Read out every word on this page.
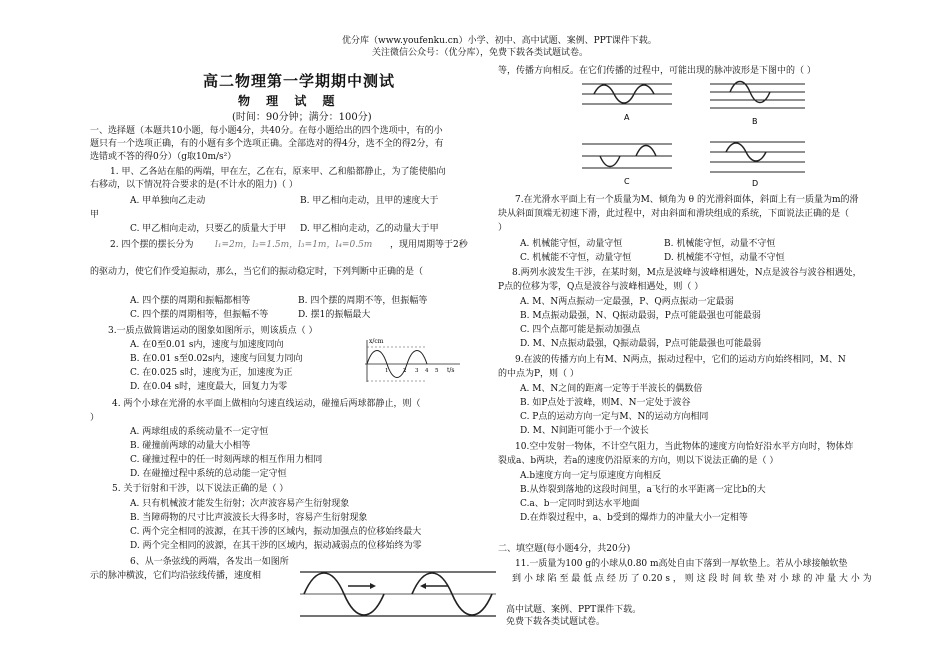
优分库（www.youfenku.cn）小学、初中、高中试题、案例、PPT课件下载。
关注微信公众号：（优分库），免费下载各类试题试卷。
高二物理第一学期期中测试
物 理 试 题
(时间：90分钟；满分：100分)
一、选择题（本题共10小题，每小题4分，共40分。在每小题给出的四个选项中，有的小
题只有一个选项正确，有的小题有多个选项正确。全部选对的得4分，选不全的得2分，有
选错或不答的得0分）（g取10m/s²）
1. 甲、乙各站在船的两端，甲在左，乙在右，原来甲、乙和船都静止，为了能使船向
右移动，以下情况符合要求的是(不计水的阻力)（ ）
A. 甲单独向乙走动	B. 甲乙相向走动，且甲的速度大于
甲
C. 甲乙相向走动，只要乙的质量大于甲 D. 甲乙相向走动，乙的动量大于甲
2. 四个摆的摆长分为 l₁=2m，l₂=1.5m，l₃=1m，l₄=0.5m ，现用周期等于2秒
的驱动力，使它们作受迫振动，那么，当它们的振动稳定时，下列判断中正确的是（
A. 四个摆的周期和振幅都相等	B. 四个摆的周期不等，但振幅等
C. 四个摆的周期相等，但振幅不等	D. 摆1的振幅最大
3.一质点做简谐运动的图象如图所示，则该质点（ ）
A. 在0至0.01 s内，速度与加速度同向
B. 在0.01 s至0.02s内，速度与回复力同向
C. 在0.025 s时，速度为正，加速度为正
D. 在0.04 s时，速度最大，回复力为零
x/cm
t/s
1	2 3 4 5
4. 两个小球在光滑的水平面上做相向匀速直线运动，碰撞后两球都静止，则（
）
A. 两球组成的系统动量不一定守恒
B. 碰撞前两球的动量大小相等
C. 碰撞过程中的任一时刻两球的相互作用力相同
D. 在碰撞过程中系统的总动能一定守恒
5. 关于衍射和干涉，以下说法正确的是（ ）
A. 只有机械波才能发生衍射；次声波容易产生衍射现象
B. 当障碍物的尺寸比声波波长大得多时，容易产生衍射现象
C. 两个完全相同的波源，在其干涉的区域内，振动加强点的位移始终最大
D. 两个完全相同的波源，在其干涉的区域内，振动减弱点的位移始终为零
6、从一条弦线的两端，各发出一如图所
示的脉冲横波，它们均沿弦线传播，速度相
等，传播方向相反。在它们传播的过程中，可能出现的脉冲波形是下图中的（ ）
A	B
C	D
7.在光滑水平面上有一个质量为M、倾角为 θ 的光滑斜面体，斜面上有一质量为m的滑
块从斜面顶端无初速下滑，此过程中，对由斜面和滑块组成的系统，下面说法正确的是（
）
A. 机械能守恒，动量守恒	B. 机械能守恒，动量不守恒
C. 机械能不守恒，动量守恒	D. 机械能不守恒，动量不守恒
8.两列水波发生干涉，在某时刻，M点是波峰与波峰相遇处，N点是波谷与波谷相遇处，
P点的位移为零，Q点是波谷与波峰相遇处，则（ ）
A. M、N两点振动一定最强，P、Q两点振动一定最弱
B. M点振动最强，N、Q振动最弱，P点可能最强也可能最弱
C. 四个点都可能是振动加强点
D. M、N点振动最强，Q振动最弱，P点可能最强也可能最弱
9.在波的传播方向上有M、N两点，振动过程中，它们的运动方向始终相同，M、N
的中点为P，则（ ）
A. M、N之间的距离一定等于半波长的偶数倍
B. 如P点处于波峰，则M、N一定处于波谷
C. P点的运动方向一定与M、N的运动方向相同
D. M、N间距可能小于一个波长
10.空中发射一物体，不计空气阻力，当此物体的速度方向恰好沿水平方向时，物体炸
裂成a、b两块，若a的速度仍沿原来的方向，则以下说法正确的是（ ）
A.b速度方向一定与原速度方向相反
B.从炸裂到落地的这段时间里，a飞行的水平距离一定比b的大
C.a、b一定同时到达水平地面
D.在炸裂过程中，a、b受到的爆炸力的冲量大小一定相等
二、填空题(每小题4分，共20分)
11.一质量为100 g的小球从0.80 m高处自由下落到一厚软垫上。若从小球接触软垫
到 小 球 陷 至 最 低 点 经 历 了 0.20 s ， 则 这 段 时 间 软 垫 对 小 球 的 冲 量 大 小 为
高中试题、案例、PPT课件下载。
免费下载各类试题试卷。
